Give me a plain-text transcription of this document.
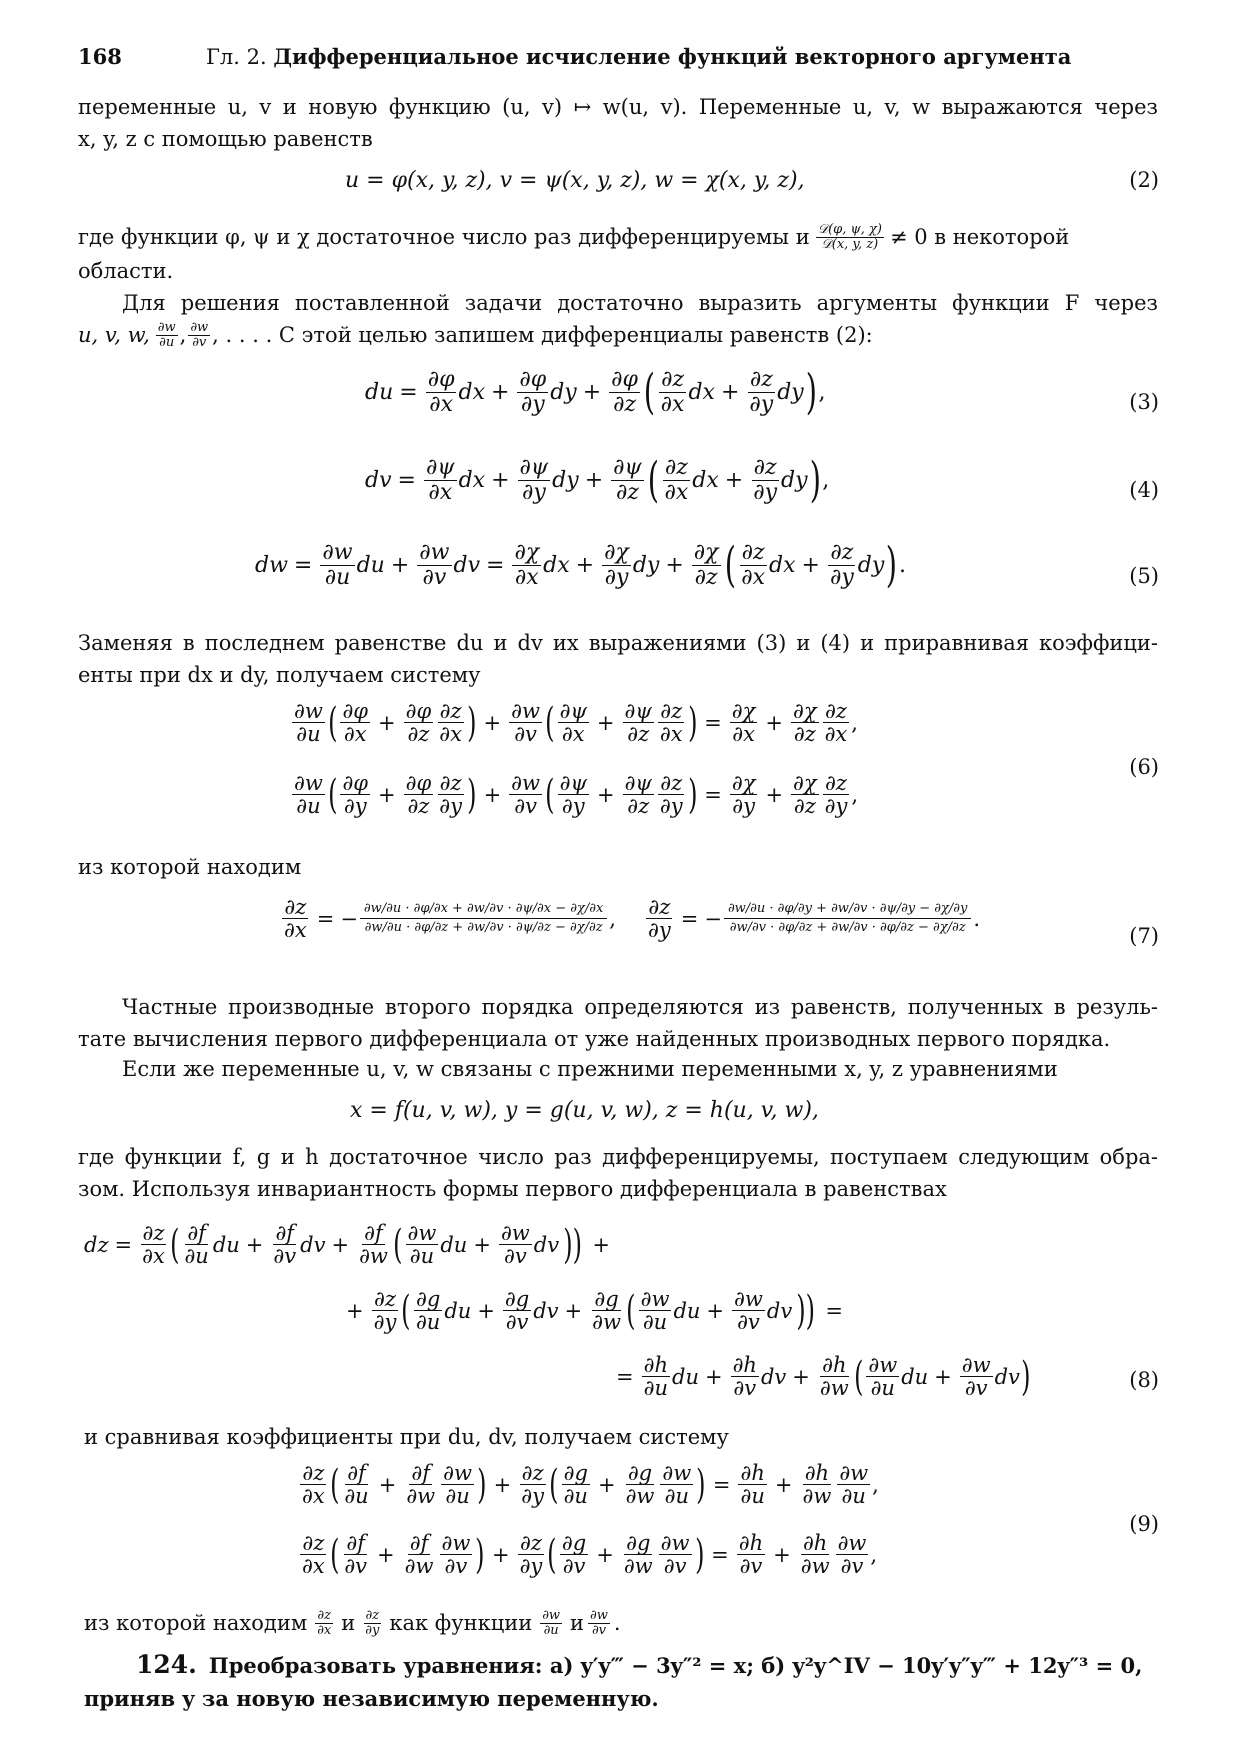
168	Гл. 2. Дифференциальное исчисление функций векторного аргумента
переменные u, v и новую функцию (u, v) ↦ w(u, v). Переменные u, v, w выражаются через
x, y, z с помощью равенств
u = φ(x, y, z), v = ψ(x, y, z), w = χ(x, y, z),	(2)
где функции φ, ψ и χ достаточное число раз дифференцируемы и $\frac{\text{𝒟(φ, ψ, χ)}}{\text{𝒟(x, y, z)}} \ne 0$ в некоторой
области.
Для решения поставленной задачи достаточно выразить аргументы функции F через
u, v, w, $\frac{\partial w}{\partial u}$ , $\frac{\partial w}{\partial v}$ , . . . . С этой целью запишем дифференциалы равенств (2):
du = $\frac{\partial\varphi}{\partial x}$ dx + $\frac{\partial\varphi}{\partial y}$ dy + $\frac{\partial\varphi}{\partial z}$ ( $\frac{\partial z}{\partial x}$ dx + $\frac{\partial z}{\partial y}$ dy ) ,	(3)
dv = $\frac{\partial\psi}{\partial x}$ dx + $\frac{\partial\psi}{\partial y}$ dy + $\frac{\partial\psi}{\partial z}$ ( $\frac{\partial z}{\partial x}$ dx + $\frac{\partial z}{\partial y}$ dy ) ,	(4)
dw = $\frac{\partial w}{\partial u}$ du + $\frac{\partial w}{\partial v}$ dv = $\frac{\partial\chi}{\partial x}$ dx + $\frac{\partial\chi}{\partial y}$ dy + $\frac{\partial\chi}{\partial z}$ ( $\frac{\partial z}{\partial x}$ dx + $\frac{\partial z}{\partial y}$ dy ) .	(5)
Заменяя в последнем равенстве du и dv их выражениями (3) и (4) и приравнивая коэффици-
енты при dx и dy, получаем систему
$\frac{\partial w}{\partial u}$ ( $\frac{\partial\varphi}{\partial x} + \frac{\partial\varphi}{\partial z} \frac{\partial z}{\partial x}$ ) + $\frac{\partial w}{\partial v}$ ( $\frac{\partial\psi}{\partial x} + \frac{\partial\psi}{\partial z} \frac{\partial z}{\partial x}$ ) = $\frac{\partial\chi}{\partial x} + \frac{\partial\chi}{\partial z} \frac{\partial z}{\partial x}$ ,
$\frac{\partial w}{\partial u}$ ( $\frac{\partial\varphi}{\partial y} + \frac{\partial\varphi}{\partial z} \frac{\partial z}{\partial y}$ ) + $\frac{\partial w}{\partial v}$ ( $\frac{\partial\psi}{\partial y} + \frac{\partial\psi}{\partial z} \frac{\partial z}{\partial y}$ ) = $\frac{\partial\chi}{\partial y} + \frac{\partial\chi}{\partial z} \frac{\partial z}{\partial y}$ ,
(6)
из которой находим
$\frac{\partial z}{\partial x}$ = − $\frac{\partial w/\partial u \cdot \partial\varphi/\partial x + \partial w/\partial v \cdot \partial\psi/\partial x - \partial\chi/\partial x}{\partial w/\partial u \cdot \partial\varphi/\partial z + \partial w/\partial v \cdot \partial\psi/\partial z - \partial\chi/\partial z}$ , $\frac{\partial z}{\partial y}$ = − $\frac{\partial w/\partial u \cdot \partial\varphi/\partial y + \partial w/\partial v \cdot \partial\psi/\partial y - \partial\chi/\partial y}{\partial w/\partial v \cdot \partial\varphi/\partial z + \partial w/\partial v \cdot \partial\varphi/\partial z - \partial\chi/\partial z}$ .
(7)
Частные производные второго порядка определяются из равенств, полученных в резуль-
тате вычисления первого дифференциала от уже найденных производных первого порядка.
Если же переменные u, v, w связаны с прежними переменными x, y, z уравнениями
x = f(u, v, w), y = g(u, v, w), z = h(u, v, w),
где функции f, g и h достаточное число раз дифференцируемы, поступаем следующим обра-
зом. Используя инвариантность формы первого дифференциала в равенствах
dz = $\frac{\partial z}{\partial x}$ ( $\frac{\partial f}{\partial u}$ du + $\frac{\partial f}{\partial v}$ dv + $\frac{\partial f}{\partial w}$ ( $\frac{\partial w}{\partial u}$ du + $\frac{\partial w}{\partial v}$ dv )) +
+ $\frac{\partial z}{\partial y}$ ( $\frac{\partial g}{\partial u}$ du + $\frac{\partial g}{\partial v}$ dv + $\frac{\partial g}{\partial w}$ ( $\frac{\partial w}{\partial u}$ du + $\frac{\partial w}{\partial v}$ dv )) =
= $\frac{\partial h}{\partial u}$ du + $\frac{\partial h}{\partial v}$ dv + $\frac{\partial h}{\partial w}$ ( $\frac{\partial w}{\partial u}$ du + $\frac{\partial w}{\partial v}$ dv )	(8)
и сравнивая коэффициенты при du, dv, получаем систему
$\frac{\partial z}{\partial x}$ ( $\frac{\partial f}{\partial u} + \frac{\partial f}{\partial w} \frac{\partial w}{\partial u}$ ) + $\frac{\partial z}{\partial y}$ ( $\frac{\partial g}{\partial u} + \frac{\partial g}{\partial w} \frac{\partial w}{\partial u}$ ) = $\frac{\partial h}{\partial u} + \frac{\partial h}{\partial w} \frac{\partial w}{\partial u}$ ,
$\frac{\partial z}{\partial x}$ ( $\frac{\partial f}{\partial v} + \frac{\partial f}{\partial w} \frac{\partial w}{\partial v}$ ) + $\frac{\partial z}{\partial y}$ ( $\frac{\partial g}{\partial v} + \frac{\partial g}{\partial w} \frac{\partial w}{\partial v}$ ) = $\frac{\partial h}{\partial v} + \frac{\partial h}{\partial w} \frac{\partial w}{\partial v}$ ,
(9)
из которой находим $\frac{\partial z}{\partial x}$ и $\frac{\partial z}{\partial y}$ как функции $\frac{\partial w}{\partial u}$ и $\frac{\partial w}{\partial v}$ .
124. Преобразовать уравнения: а) y′y‴ − 3y″² = x; б) y²y^IV − 10y′y″y‴ + 12y″³ = 0,
приняв y за новую независимую переменную.
